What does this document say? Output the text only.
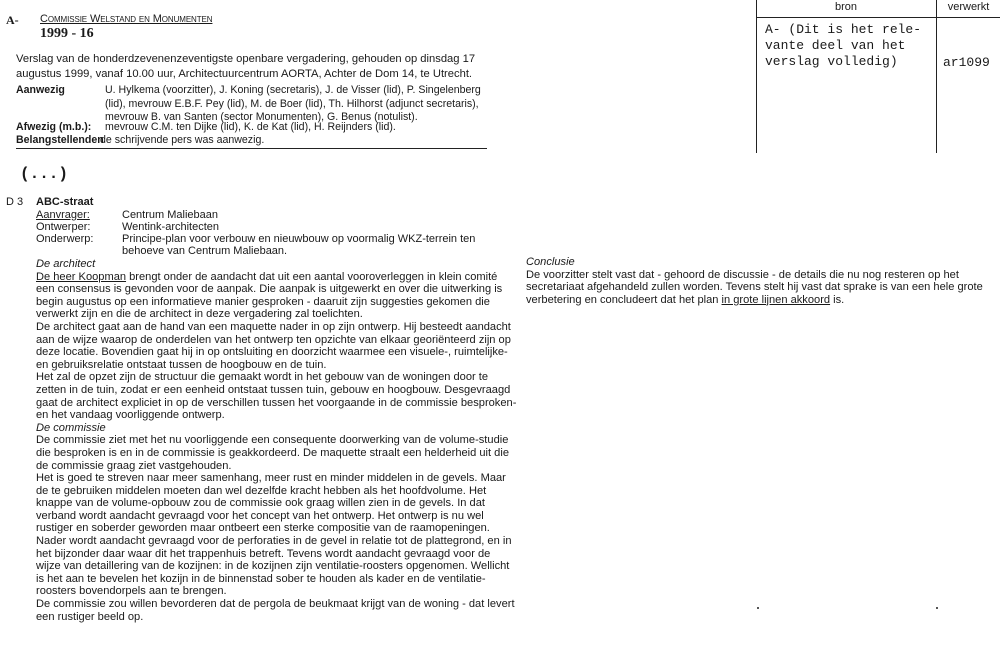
A- Commissie Welstand en Monumenten
1999 - 16
Verslag van de honderdzevenenzeventigste openbare vergadering, gehouden op dinsdag 17 augustus 1999, vanaf 10.00 uur, Architectuurcentrum AORTA, Achter de Dom 14, te Utrecht.
Aanwezig	U. Hylkema (voorzitter), J. Koning (secretaris), J. de Visser (lid), P. Singelenberg (lid), mevrouw E.B.F. Pey (lid), M. de Boer (lid), Th. Hilhorst (adjunct secretaris), mevrouw B. van Santen (sector Monumenten), G. Benus (notulist).
Afwezig (m.b.): mevrouw C.M. ten Dijke (lid), K. de Kat (lid), H. Reijnders (lid).
Belangstellenden
de schrijvende pers was aanwezig.
bron	verwerkt
A- (Dit is het rele-vante deel van het verslag volledig)	ar1099
(...)
D 3 ABC-straat
Aanvrager:	Centrum Maliebaan
Ontwerper:	Wentink-architecten
Onderwerp:	Principe-plan voor verbouw en nieuwbouw op voormalig WKZ-terrein ten behoeve van Centrum Maliebaan.

De architect

De heer Koopman brengt onder de aandacht dat uit een aantal vooroverleggen in klein comité een consensus is gevonden voor de aanpak. Die aanpak is uitgewerkt en over die uitwerking is begin augustus op een informatieve manier gesproken - daaruit zijn suggesties gekomen die verwerkt zijn en die de architect in deze vergadering zal toelichten.

De architect gaat aan de hand van een maquette nader in op zijn ontwerp. Hij besteedt aandacht aan de wijze waarop de onderdelen van het ontwerp ten opzichte van elkaar georiënteerd zijn op deze locatie. Bovendien gaat hij in op ontsluiting en doorzicht waarmee een visuele-, ruimtelijke- en gebruiksrelatie ontstaat tussen de hoogbouw en de tuin.

Het zal de opzet zijn de structuur die gemaakt wordt in het gebouw van de woningen door te zetten in de tuin, zodat er een eenheid ontstaat tussen tuin, gebouw en hoogbouw. Desgevraagd gaat de architect expliciet in op de verschillen tussen het voorgaande in de commissie besproken- en het vandaag voorliggende ontwerp.

De commissie

De commissie ziet met het nu voorliggende een consequente doorwerking van de volume-studie die besproken is en in de commissie is geakkordeerd. De maquette straalt een helderheid uit die de commissie graag ziet vastgehouden.

Het is goed te streven naar meer samenhang, meer rust en minder middelen in de gevels. Maar de te gebruiken middelen moeten dan wel dezelfde kracht hebben als het hoofdvolume. Het knappe van de volume-opbouw zou de commissie ook graag willen zien in de gevels. In dat verband wordt aandacht gevraagd voor het concept van het ontwerp. Het ontwerp is nu wel rustiger en soberder geworden maar ontbeert een sterke compositie van de raamopeningen.

Nader wordt aandacht gevraagd voor de perforaties in de gevel in relatie tot de plattegrond, en in het bijzonder daar waar dit het trappenhuis betreft. Tevens wordt aandacht gevraagd voor de wijze van detaillering van de kozijnen: in de kozijnen zijn ventilatie-roosters opgenomen. Wellicht is het aan te bevelen het kozijn in de binnenstad sober te houden als kader en de ventilatie-roosters bovendorpels aan te brengen.

De commissie zou willen bevorderen dat de pergola de beukmaat krijgt van de woning - dat levert een rustiger beeld op.

Conclusie

De voorzitter stelt vast dat - gehoord de discussie - de details die nu nog resteren op het secretariaat afgehandeld zullen worden. Tevens stelt hij vast dat sprake is van een hele grote verbetering en concludeert dat het plan in grote lijnen akkoord is.
